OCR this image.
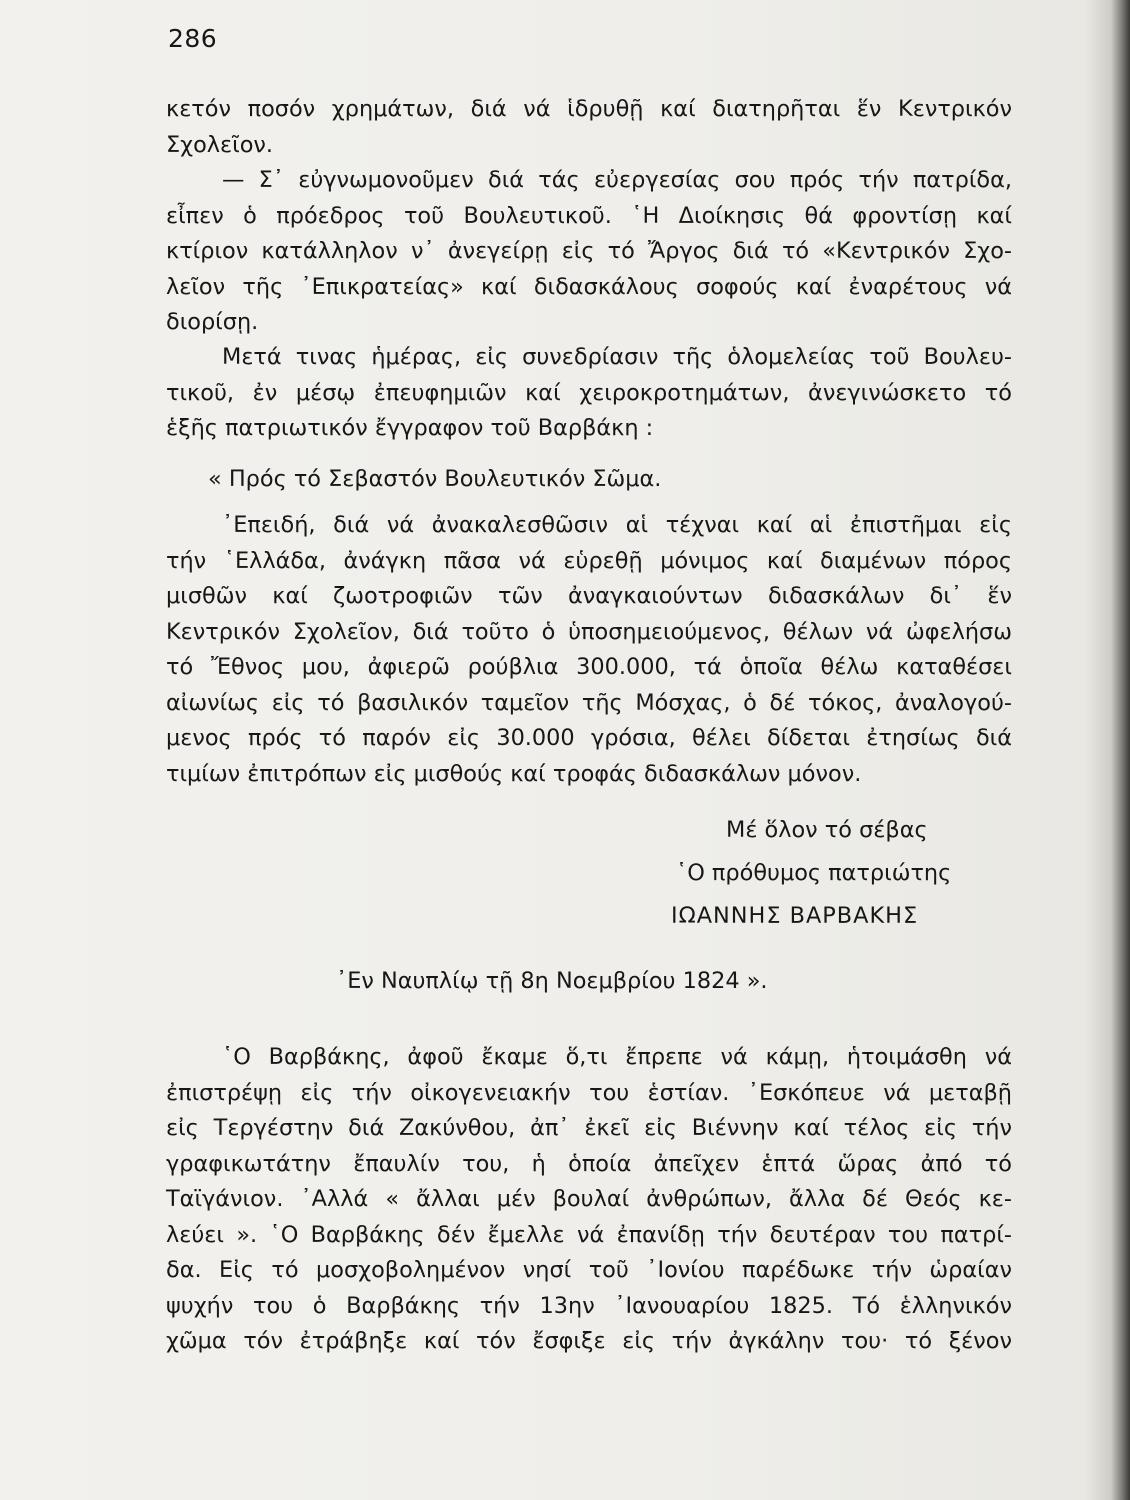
286
κετόν ποσόν χρημάτων, διά νά ἱδρυθῇ καί διατηρῆται ἕν Κεντρικόν
Σχολεῖον.
— Σ᾽ εὐγνωμονοῦμεν διά τάς εὐεργεσίας σου πρός τήν πατρίδα,
εἶπεν ὁ πρόεδρος τοῦ Βουλευτικοῦ. ῾Η Διοίκησις θά φροντίσῃ καί
κτίριον κατάλληλον ν᾽ ἀνεγείρῃ εἰς τό Ἄργος διά τό «Κεντρικόν Σχο-
λεῖον τῆς ᾽Επικρατείας» καί διδασκάλους σοφούς καί ἐναρέτους νά
διορίσῃ.
Μετά τινας ἡμέρας, εἰς συνεδρίασιν τῆς ὁλομελείας τοῦ Βουλευ-
τικοῦ, ἐν μέσῳ ἐπευφημιῶν καί χειροκροτημάτων, ἀνεγινώσκετο τό
ἑξῆς πατριωτικόν ἔγγραφον τοῦ Βαρβάκη :
« Πρός τό Σεβαστόν Βουλευτικόν Σῶμα.
᾽Επειδή, διά νά ἀνακαλεσθῶσιν αἱ τέχναι καί αἱ ἐπιστῆμαι εἰς
τήν ῾Ελλάδα, ἀνάγκη πᾶσα νά εὑρεθῇ μόνιμος καί διαμένων πόρος
μισθῶν καί ζωοτροφιῶν τῶν ἀναγκαιούντων διδασκάλων δι᾽ ἕν
Κεντρικόν Σχολεῖον, διά τοῦτο ὁ ὑποσημειούμενος, θέλων νά ὠφελήσω
τό Ἔθνος μου, ἀφιερῶ ρούβλια 300.000, τά ὁποῖα θέλω καταθέσει
αἰωνίως εἰς τό βασιλικόν ταμεῖον τῆς Μόσχας, ὁ δέ τόκος, ἀναλογού-
μενος πρός τό παρόν εἰς 30.000 γρόσια, θέλει δίδεται ἐτησίως διά
τιμίων ἐπιτρόπων εἰς μισθούς καί τροφάς διδασκάλων μόνον.
Μέ ὅλον τό σέβας
῾Ο πρόθυμος πατριώτης
ΙΩΑΝΝΗΣ ΒΑΡΒΑΚΗΣ
᾽Εν Ναυπλίῳ τῇ 8η Νοεμβρίου 1824 ».
῾Ο Βαρβάκης, ἀφοῦ ἔκαμε ὅ,τι ἔπρεπε νά κάμῃ, ἡτοιμάσθη νά
ἐπιστρέψῃ εἰς τήν οἰκογενειακήν του ἑστίαν. ᾽Εσκόπευε νά μεταβῇ
εἰς Τεργέστην διά Ζακύνθου, ἀπ᾽ ἐκεῖ εἰς Βιέννην καί τέλος εἰς τήν
γραφικωτάτην ἔπαυλίν του, ἡ ὁποία ἀπεῖχεν ἑπτά ὥρας ἀπό τό
Ταϊγάνιον. ᾽Αλλά « ἄλλαι μέν βουλαί ἀνθρώπων, ἄλλα δέ Θεός κε-
λεύει ». ῾Ο Βαρβάκης δέν ἔμελλε νά ἐπανίδῃ τήν δευτέραν του πατρί-
δα. Εἰς τό μοσχοβολημένον νησί τοῦ ᾽Ιονίου παρέδωκε τήν ὡραίαν
ψυχήν του ὁ Βαρβάκης τήν 13ην ᾽Ιανουαρίου 1825. Τό ἑλληνικόν
χῶμα τόν ἐτράβηξε καί τόν ἔσφιξε εἰς τήν ἀγκάλην του· τό ξένον
